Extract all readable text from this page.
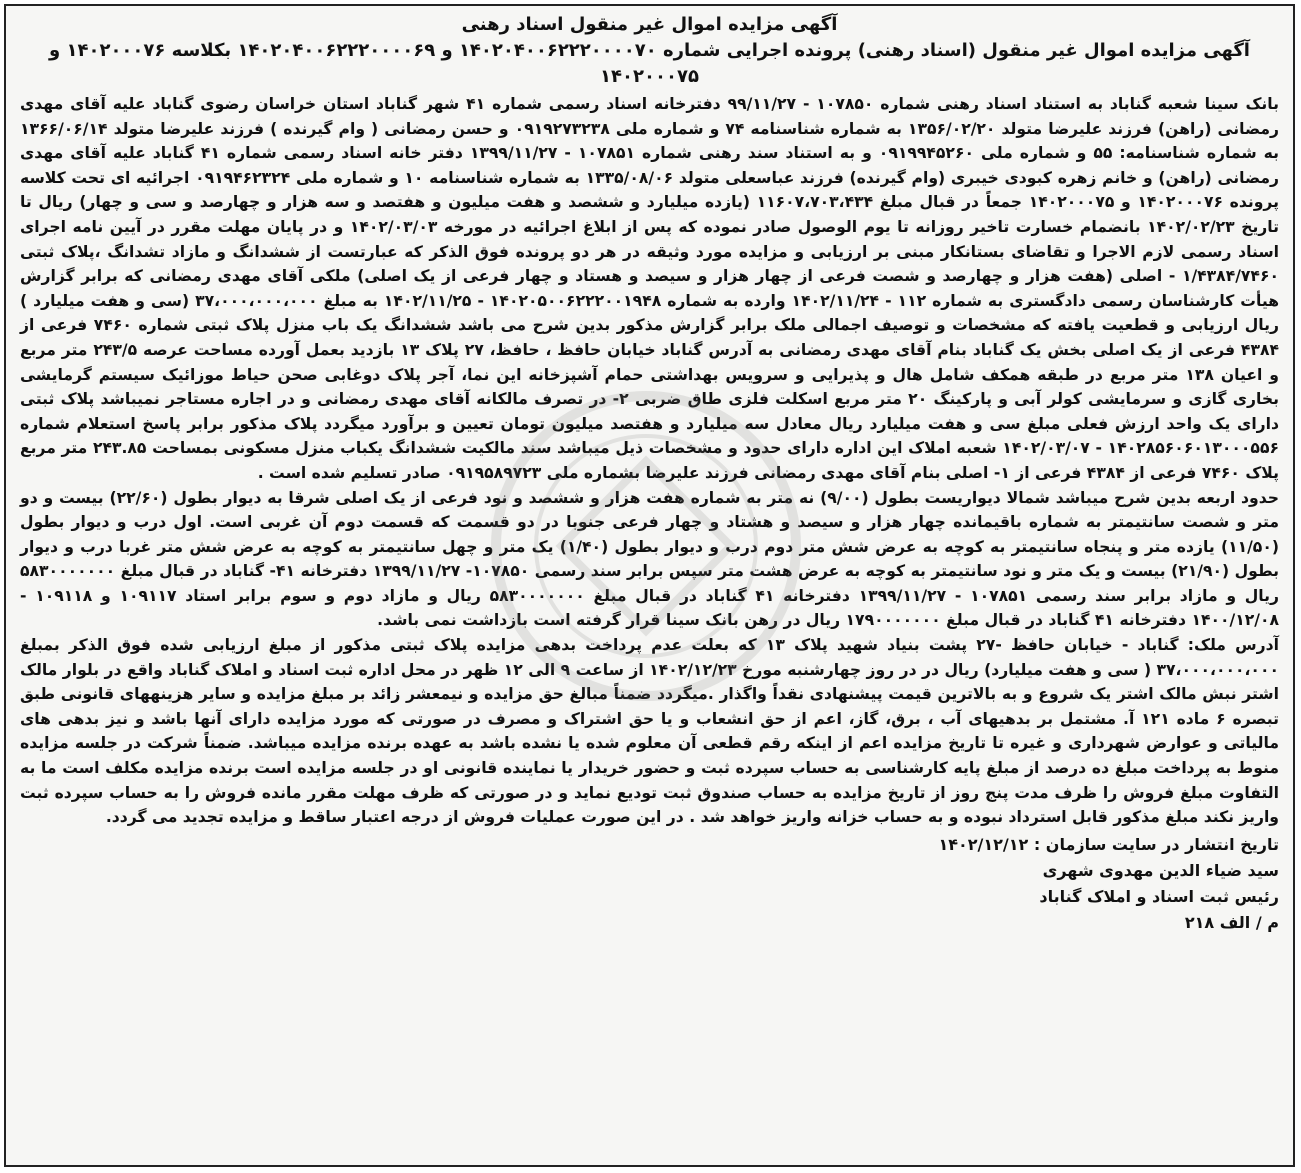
آگهی مزایده اموال غیر منقول اسناد رهنی
آگهی مزایده اموال غیر منقول (اسناد رهنی) پرونده اجرایی شماره ۱۴۰۲۰۴۰۰۶۲۲۲۰۰۰۰۷۰ و ۱۴۰۲۰۴۰۰۶۲۲۲۰۰۰۰۶۹ بکلاسه ۱۴۰۲۰۰۰۷۶ و ۱۴۰۲۰۰۰۷۵

بانک سینا شعبه گناباد به استناد اسناد رهنی شماره ۱۰۷۸۵۰ - ۹۹/۱۱/۲۷ دفترخانه اسناد رسمی شماره ۴۱ شهر گناباد استان خراسان رضوی گناباد علیه آقای مهدی رمضانی (راهن) فرزند علیرضا متولد ۱۳۵۶/۰۲/۲۰ به شماره شناسنامه ۷۴ و شماره ملی ۰۹۱۹۲۷۳۲۳۸ و حسن رمضانی ( وام گیرنده ) فرزند علیرضا متولد ۱۳۶۶/۰۶/۱۴ به شماره شناسنامه: ۵۵ و شماره ملی ۰۹۱۹۹۴۵۲۶۰ و به استناد سند رهنی شماره ۱۰۷۸۵۱ - ۱۳۹۹/۱۱/۲۷ دفتر خانه اسناد رسمی شماره ۴۱ گناباد علیه آقای مهدی رمضانی (راهن) و خانم زهره کبودی خیبری (وام گیرنده) فرزند عباسعلی متولد ۱۳۳۵/۰۸/۰۶ به شماره شناسنامه ۱۰ و شماره ملی ۰۹۱۹۴۶۲۳۲۴ اجرائیه ای تحت کلاسه پرونده ۱۴۰۲۰۰۰۷۶ و ۱۴۰۲۰۰۰۷۵ جمعاً در قبال مبلغ ۱۱۶۰۷،۷۰۳،۴۳۴ (یازده میلیارد و ششصد و هفت میلیون و هفتصد و سه هزار و چهارصد و سی و چهار) ریال تا تاریخ ۱۴۰۲/۰۲/۲۳ بانضمام خسارت تاخیر روزانه تا یوم الوصول صادر نموده که پس از ابلاغ اجرائیه در مورخه ۱۴۰۲/۰۳/۰۳ و در پایان مهلت مقرر در آیین نامه اجرای اسناد رسمی لازم الاجرا و تقاضای بستانکار مبنی بر ارزیابی و مزایده مورد وثیقه در هر دو پرونده فوق الذکر که عبارتست از ششدانگ و مازاد تشدانگ ،پلاک ثبتی ۱/۴۳۸۴/۷۴۶۰ - اصلی (هفت هزار و چهارصد و شصت فرعی از چهار هزار و سیصد و هستاد و چهار فرعی از یک اصلی) ملکی آقای مهدی رمضانی که برابر گزارش هیأت کارشناسان رسمی دادگستری به شماره ۱۱۲ - ۱۴۰۲/۱۱/۲۴ وارده به شماره ۱۴۰۲۰۵۰۰۶۲۲۲۰۰۱۹۴۸ - ۱۴۰۲/۱۱/۲۵ به مبلغ ۳۷،۰۰۰،۰۰۰،۰۰۰ (سی و هفت میلیارد ) ریال ارزیابی و قطعیت یافته که مشخصات و توصیف اجمالی ملک برابر گزارش مذکور بدین شرح می باشد ششدانگ یک باب منزل پلاک ثبتی شماره ۷۴۶۰ فرعی از ۴۳۸۴ فرعی از یک اصلی بخش یک گناباد بنام آقای مهدی رمضانی به آدرس گناباد خیابان حافظ ، حافظ، ۲۷ پلاک ۱۳ بازدید بعمل آورده مساحت عرصه ۲۴۳/۵ متر مربع و اعیان ۱۳۸ متر مربع در طبقه همکف شامل هال و پذیرایی و سرویس بهداشتی حمام آشپزخانه این نما، آجر پلاک دوغابی صحن حیاط موزائیک سیستم گرمایشی بخاری گازی و سرمایشی کولر آبی و پارکینگ ۲۰ متر مربع اسکلت فلزی طاق ضربی ۲- در تصرف مالکانه آقای مهدی رمضانی و در اجاره مستاجر نمیباشد پلاک ثبتی دارای یک واحد ارزش فعلی مبلغ سی و هفت میلیارد ریال معادل سه میلیارد و هفتصد میلیون تومان تعیین و برآورد میگردد پلاک مذکور برابر پاسخ استعلام شماره ۱۴۰۲۸۵۶۰۶۰۱۳۰۰۰۵۵۶ - ۱۴۰۲/۰۳/۰۷ شعبه املاک این اداره دارای حدود و مشخصات ذیل میباشد سند مالکیت ششدانگ یکباب منزل مسکونی بمساحت ۲۴۳.۸۵ متر مربع پلاک ۷۴۶۰ فرعی از ۴۳۸۴ فرعی از ۱- اصلی بنام آقای مهدی رمضانی فرزند علیرضا بشماره ملی ۰۹۱۹۵۸۹۷۲۳ صادر تسلیم شده است .

حدود اربعه بدین شرح میباشد شمالا دیواریست بطول (۹/۰۰) نه متر به شماره هفت هزار و ششصد و نود فرعی از یک اصلی شرقا به دیوار بطول (۲۲/۶۰) بیست و دو متر و شصت سانتیمتر به شماره باقیمانده چهار هزار و سیصد و هشتاد و چهار فرعی جنوبا در دو قسمت که قسمت دوم آن غربی است. اول درب و دیوار بطول (۱۱/۵۰) یازده متر و پنجاه سانتیمتر به کوچه به عرض شش متر دوم درب و دیوار بطول (۱/۴۰) یک متر و چهل سانتیمتر به کوچه به عرض شش متر غربا درب و دیوار بطول (۲۱/۹۰) بیست و یک متر و نود سانتیمتر به کوچه به عرض هشت متر سپس برابر سند رسمی ۱۰۷۸۵۰- ۱۳۹۹/۱۱/۲۷ دفترخانه ۴۱- گناباد در قبال مبلغ ۵۸۳۰۰۰۰۰۰۰ ریال و مازاد برابر سند رسمی ۱۰۷۸۵۱ - ۱۳۹۹/۱۱/۲۷ دفترخانه ۴۱ گناباد در قبال مبلغ ۵۸۳۰۰۰۰۰۰۰ ریال و مازاد دوم و سوم برابر استاد ۱۰۹۱۱۷ و ۱۰۹۱۱۸ - ۱۴۰۰/۱۲/۰۸ دفترخانه ۴۱ گناباد در قبال مبلغ ۱۷۹۰۰۰۰۰۰۰ ریال در رهن بانک سینا قرار گرفته است بازداشت نمی باشد.

آدرس ملک: گناباد - خیابان حافظ -۲۷ پشت بنیاد شهید پلاک ۱۳ که بعلت عدم پرداخت بدهی مزایده پلاک ثبتی مذکور از مبلغ ارزیابی شده فوق الذکر بمبلغ ۳۷،۰۰۰،۰۰۰،۰۰۰ ( سی و هفت میلیارد) ریال در در روز چهارشنبه مورخ ۱۴۰۲/۱۲/۲۳ از ساعت ۹ الی ۱۲ ظهر در محل اداره ثبت اسناد و املاک گناباد واقع در بلوار مالک اشتر نبش مالک اشتر یک شروع و به بالاترین قیمت پیشنهادی نقداً واگذار .میگردد ضمناً مبالغ حق مزایده و نیمعشر زائد بر مبلغ مزایده و سایر هزینههای قانونی طبق تبصره ۶ ماده ۱۲۱ آ. مشتمل بر بدهیهای آب ، برق، گاز، اعم از حق انشعاب و یا حق اشتراک و مصرف در صورتی که مورد مزایده دارای آنها باشد و نیز بدهی های مالیاتی و عوارض شهرداری و غیره تا تاریخ مزایده اعم از اینکه رقم قطعی آن معلوم شده یا نشده باشد به عهده برنده مزایده میباشد. ضمناً شرکت در جلسه مزایده منوط به پرداخت مبلغ ده درصد از مبلغ پایه کارشناسی به حساب سپرده ثبت و حضور خریدار یا نماینده قانونی او در جلسه مزایده است برنده مزایده مکلف است ما به التفاوت مبلغ فروش را ظرف مدت پنج روز از تاریخ مزایده به حساب صندوق ثبت تودیع نماید و در صورتی که ظرف مهلت مقرر مانده فروش را به حساب سپرده ثبت واریز نکند مبلغ مذکور قابل استرداد نبوده و به حساب خزانه واریز خواهد شد . در این صورت عملیات فروش از درجه اعتبار ساقط و مزایده تجدید می گردد.

تاریخ انتشار در سایت سازمان : ۱۴۰۲/۱۲/۱۲
سید ضیاء الدین مهدوی شهری
رئیس ثبت اسناد و املاک گناباد
م / الف ۲۱۸
